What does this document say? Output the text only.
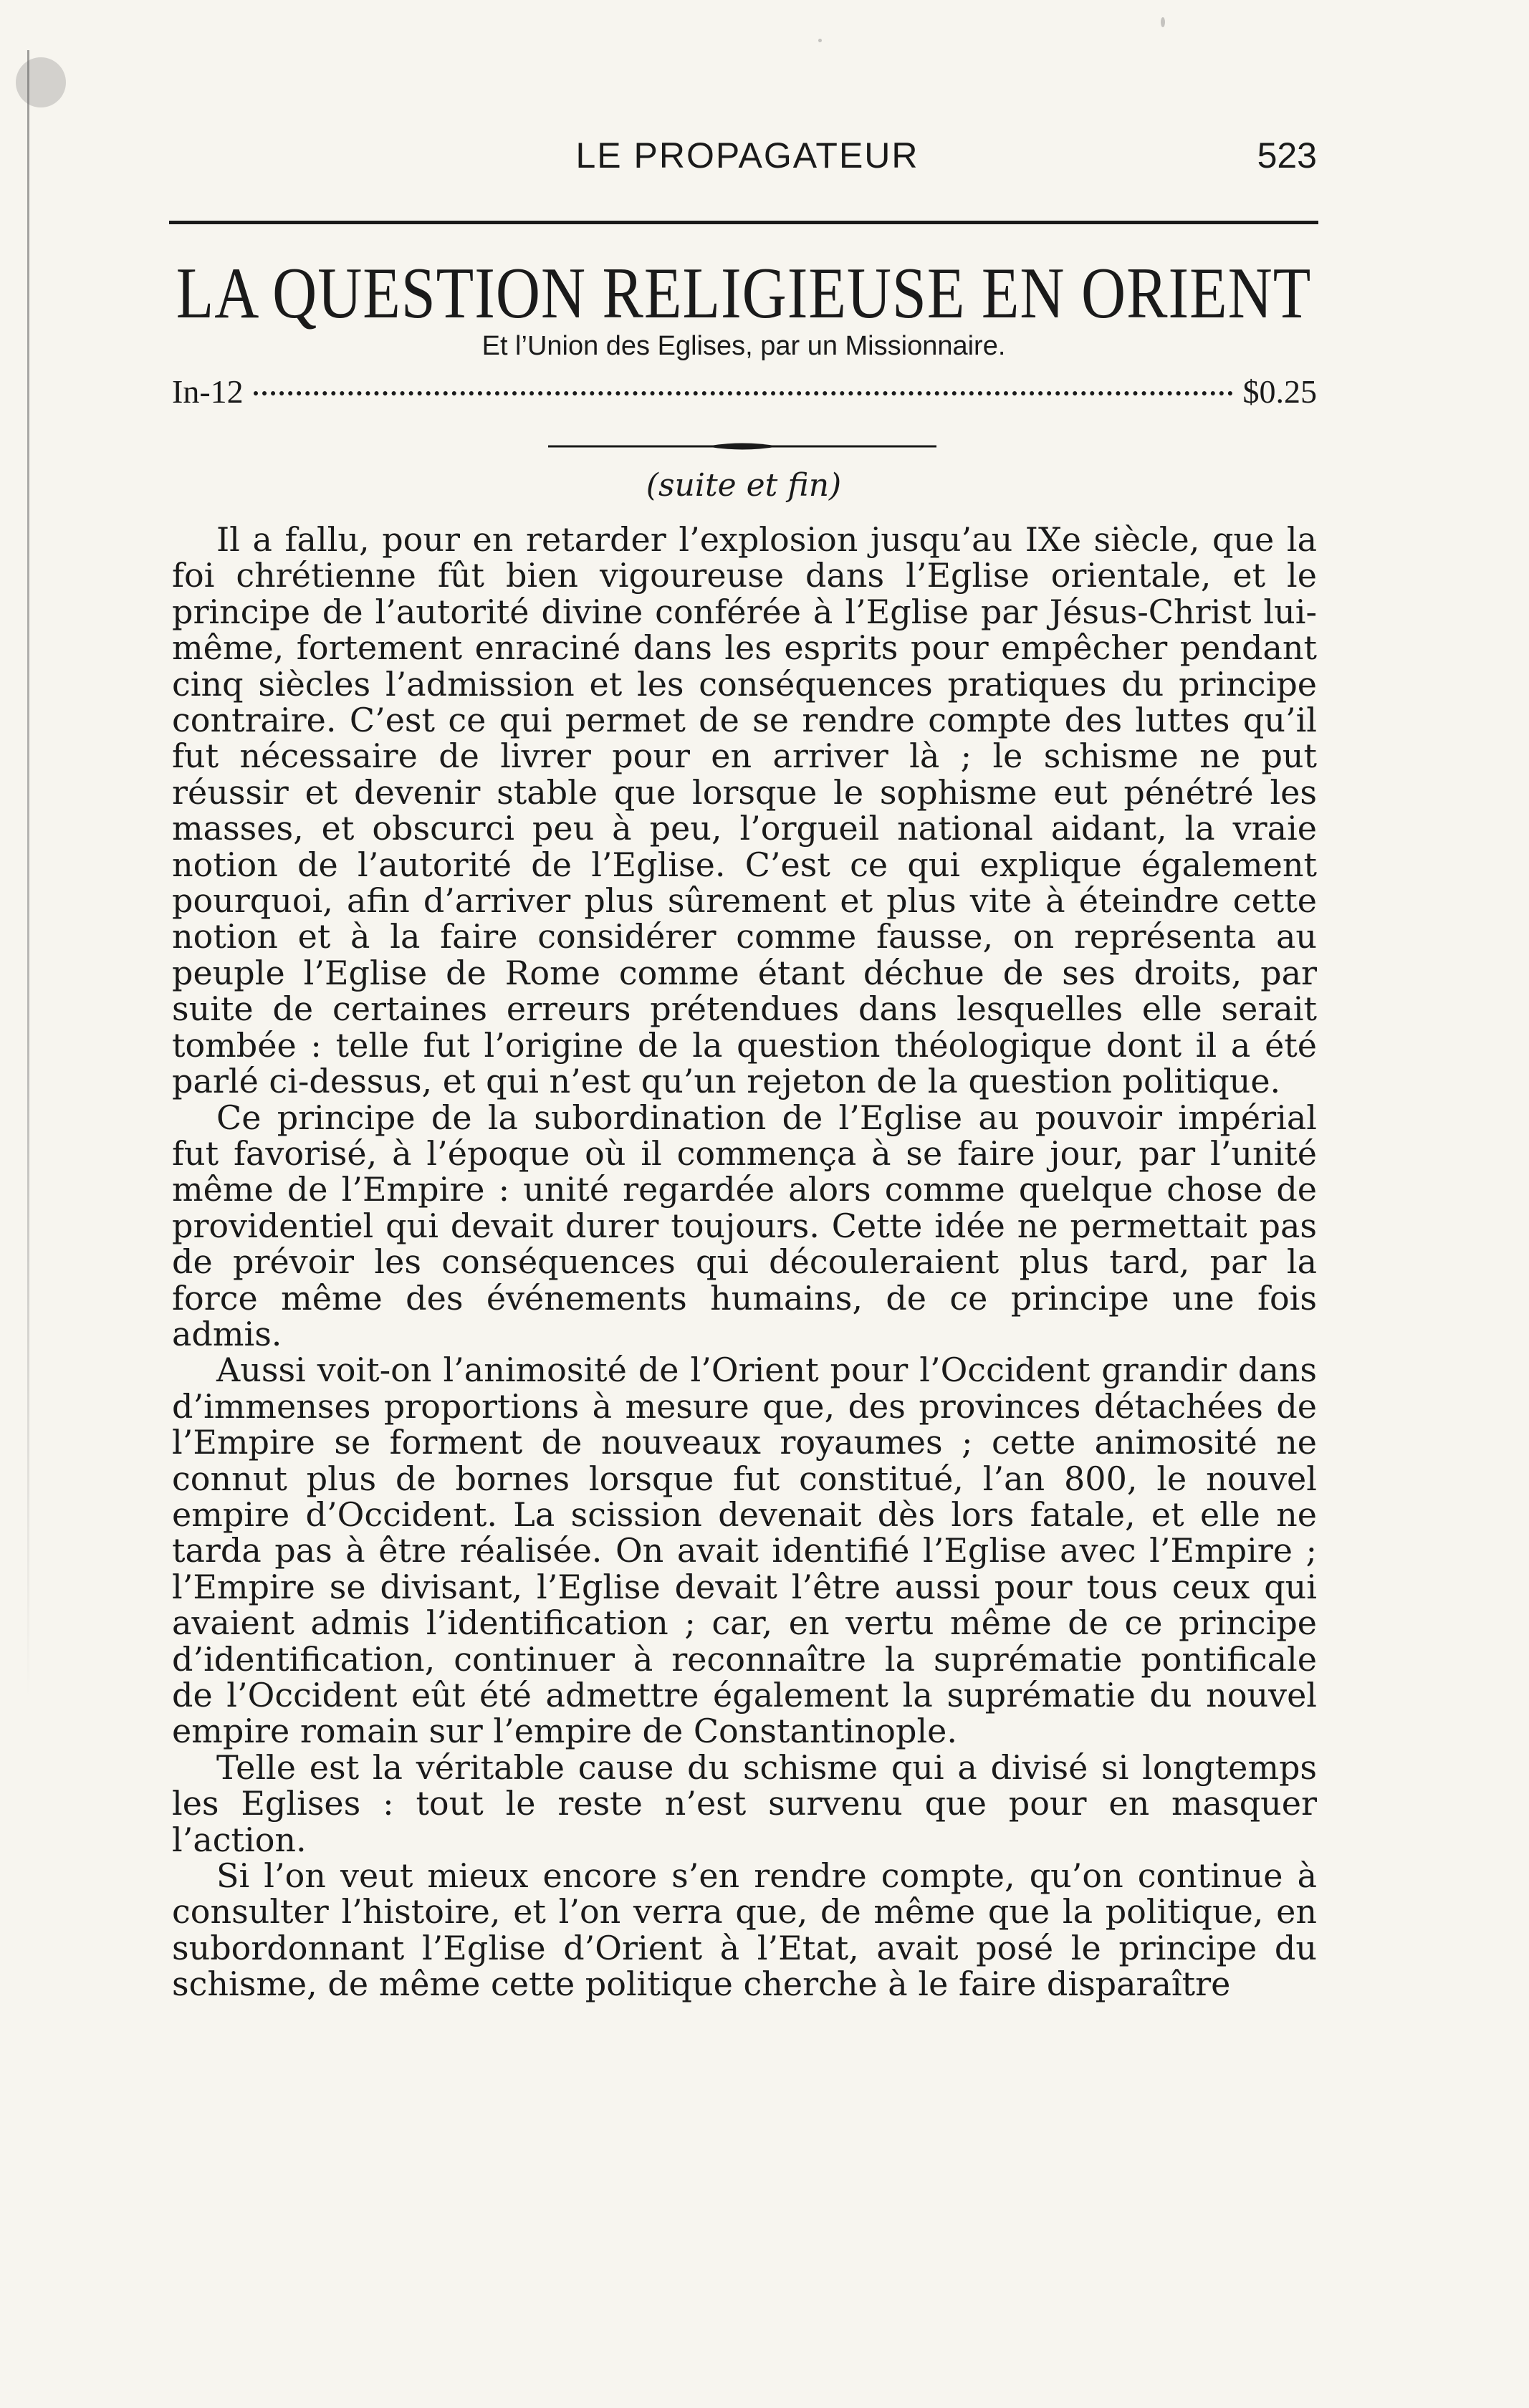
LE PROPAGATEUR	523
LA QUESTION RELIGIEUSE EN ORIENT
Et l’Union des Eglises, par un Missionnaire.
In-12	$0.25
(suite et fin)

Il a fallu, pour en retarder l’explosion jusqu’au IXe siècle, que la foi chrétienne fût bien vigoureuse dans l’Eglise orientale, et le principe de l’autorité divine conférée à l’Eglise par Jésus-Christ lui-même, fortement enraciné dans les esprits pour empêcher pendant cinq siècles l’admission et les conséquences pratiques du principe contraire. C’est ce qui permet de se rendre compte des luttes qu’il fut nécessaire de livrer pour en arriver là ; le schisme ne put réussir et devenir stable que lorsque le sophisme eut pénétré les masses, et obscurci peu à peu, l’orgueil national aidant, la vraie notion de l’autorité de l’Eglise. C’est ce qui explique également pourquoi, afin d’arriver plus sûrement et plus vite à éteindre cette notion et à la faire considérer comme fausse, on représenta au peuple l’Eglise de Rome comme étant déchue de ses droits, par suite de certaines erreurs prétendues dans lesquelles elle serait tombée : telle fut l’origine de la question théologique dont il a été parlé ci-dessus, et qui n’est qu’un rejeton de la question politique.

Ce principe de la subordination de l’Eglise au pouvoir impérial fut favorisé, à l’époque où il commença à se faire jour, par l’unité même de l’Empire : unité regardée alors comme quelque chose de providentiel qui devait durer toujours. Cette idée ne permettait pas de prévoir les conséquences qui découleraient plus tard, par la force même des événements humains, de ce principe une fois admis.

Aussi voit-on l’animosité de l’Orient pour l’Occident grandir dans d’immenses proportions à mesure que, des provinces détachées de l’Empire se forment de nouveaux royaumes ; cette animosité ne connut plus de bornes lorsque fut constitué, l’an 800, le nouvel empire d’Occident. La scission devenait dès lors fatale, et elle ne tarda pas à être réalisée. On avait identifié l’Eglise avec l’Empire ; l’Empire se divisant, l’Eglise devait l’être aussi pour tous ceux qui avaient admis l’identification ; car, en vertu même de ce principe d’identification, continuer à reconnaître la suprématie pontificale de l’Occident eût été admettre également la suprématie du nouvel empire romain sur l’empire de Constantinople.

Telle est la véritable cause du schisme qui a divisé si longtemps les Eglises : tout le reste n’est survenu que pour en masquer l’action.

Si l’on veut mieux encore s’en rendre compte, qu’on continue à consulter l’histoire, et l’on verra que, de même que la politique, en subordonnant l’Eglise d’Orient à l’Etat, avait posé le principe du schisme, de même cette politique cherche à le faire disparaître
